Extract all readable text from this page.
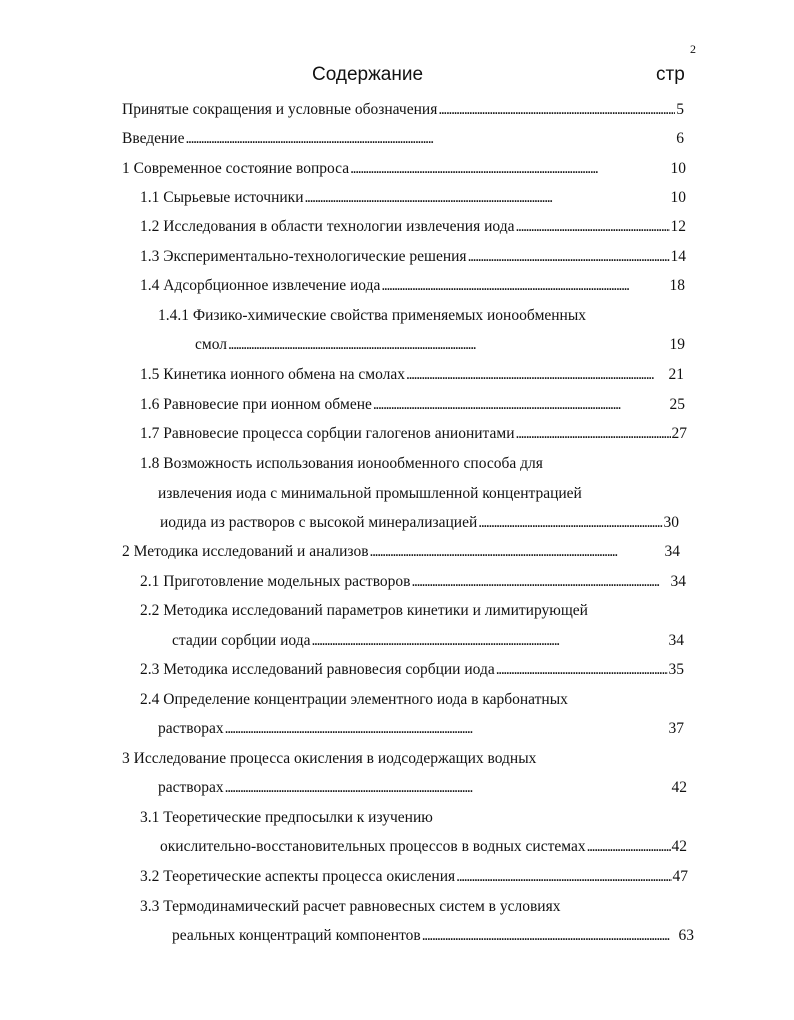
2
Содержание	стр
Принятые сокращения и условные обозначения . . .	5
Введение . . .	6
1 Современное состояние вопроса . . .	10
1.1 Сырьевые источники . . .	10
1.2 Исследования в области технологии извлечения иода . . .	12
1.3 Экспериментально-технологические решения . . .	14
1.4 Адсорбционное извлечение иода . . .	18
1.4.1 Физико-химические свойства применяемых ионообменных
смол . . .	19
1.5 Кинетика ионного обмена на смолах . . .	21
1.6 Равновесие при ионном обмене . . .	25
1.7 Равновесие процесса сорбции галогенов анионитами . . .	27
1.8 Возможность использования ионообменного способа для
извлечения иода с минимальной промышленной концентрацией
иодида из растворов с высокой минерализацией . . .	30
2 Методика исследований и анализов . . .	34
2.1 Приготовление модельных растворов . . .	34
2.2 Методика исследований параметров кинетики и лимитирующей
стадии сорбции иода . . .	34
2.3 Методика исследований равновесия сорбции иода . . .	35
2.4 Определение концентрации элементного иода в карбонатных
растворах . . .	37
3 Исследование процесса окисления в иодсодержащих водных
растворах . . .	42
3.1 Теоретические предпосылки к изучению
окислительно-восстановительных процессов в водных системах . . .	42
3.2 Теоретические аспекты процесса окисления . . .	47
3.3 Термодинамический расчет равновесных систем в условиях
реальных концентраций компонентов . . .	63
